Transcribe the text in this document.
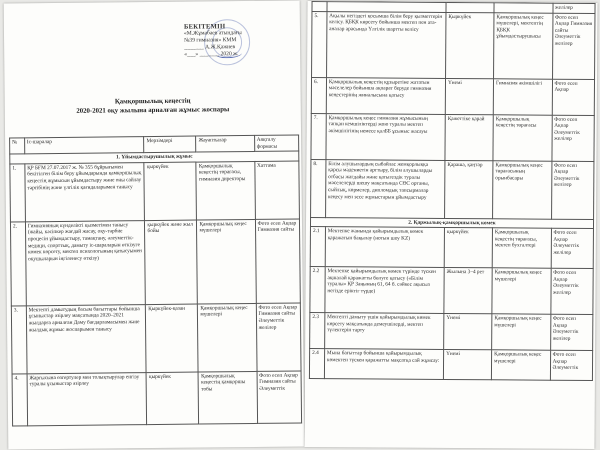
БЕКІТЕМІН
«М.Жұмабаев атындағы
№39 гимназия» КММ
_______ А.Ж.Қажиев
«___» _______ 2020 ж.
Қамқоршылық кеңестің
2020-2021 оқу жылына арналған жұмыс жоспары
№	Іс-шаралар	Мерзімдері	Жауаптылар	Аяқталу формасы
1. Ұйымдастырушылық жұмыс				
1.	ҚР БҒМ 27.07.2017 ж. № 355 бұйрығымен бекітілген білім беру ұйымдарында қамқоршылық кеңестің жұмысын ұйымдастыру және оны сайлау тәртібінің және үлгілік қағидаларымен танысу	қыркүйек	Қамқоршылық кеңестің төрағасы, гимназия директоры	Хаттама
2.	Гимназияның күнделікті қызметімен танысу (жайы, кәсіпкер жағдай жасау, оқу-тәрбие процесін ұйымдастыру, тамақтану, әлеуметтік-медици, спорттық, дамыту іс-шараларын өткізуге көмек көрсету, мектеп психологының қатысуымен оқушыларын іңгіленесу өткізу)	қыркүйек және жыл бойы	Қамқоршылық кеңес мүшелері	Фото есеп Ақпар Гимназия сайты
3.	Мектепті дамытудың басым бағыттары бойынша ұсыныстар әзірлеу мақсатында 2020–2021 жылдарға арналған Даму бағдарламасымен және жылдық жұмыс жоспарымен танысу	Қыркүйек-қазан	Қамқоршылық кеңес мүшелері	Фото есеп Ақпар Гимназия сайты Әлеуметтік желілер
4.	Жаргысына өзгертулер мен толықтырулар енгізу туралы ұсыныстар әзірлеу	қыркүйек	Қамқоршылық кеңестің қамқоршы тобы	Фото есеп Ақпар Гимназия сайты Әлеуметтік
				желілер
5.	Ақылы негіздегі қосымша білім беру қызметтерін келісу. ҚБҚК көрсету бойынша мектеп пен ата-аналар арасында Үлгілік шартты келісу	Қыркүйек	Қамқоршылық кеңес мүшелері, мектептің ҚБҚК ұйымдастырушысы	Фото есеп Ақпар Гимназия сайты Әлеуметтік желілер
6.	Қамқоршылық кеңестің құзыретіне жататын мәселелер бойынша ақпарат беруде гимназия кеңестерінің жиналысына қатысу	Үнемі	Гимназия әкімшілігі	Фото есеп Ақпар
7.	Қамқоршылық кеңес гимназия жұмысының тапқан кемшіліктерді жою туралы мектеп әкімшілігінің немесе қалББ ұсыныс жасауы	Қажеттіке қарай	Қамқоршылық кеңестің төрағасы	Фото есеп Ақпар Әлеуметтік желілер
8.	Білім алушылардың сыбайлас жемқорлыққа қарсы мәдениетін арттыру, білім алушыларды отбасы жағдайы және қатыгездік туралы мәселелерді шешу мақсатында СӨС ортаны, сыйлық, көрмелер, дипломдық тапсырмалар кеңесу мен эссе жұмыстарын ұйымдастыру	Қараша, қаңтар	Қамқоршылық кеңес төрағасының орынбасары	Фото есеп Ақпар Әлеуметтік желілер
2. Қаржылық-қамқоршылық көмек				
2.1	Мектепке жанында қайырымдылық көмек қаражатын бақылау (нотын шоу KZ)	қыркүйек	Қамқоршылық кеңестің төрағасы, мектеп бухгалтері	Фото есеп Ақпар Әлеуметтік желілер
2.2	Мектепке қайырымдылық көмек түрінде түскен ақшалай қаражатты бөлуге қатысу («Білім туралы» ҚР Заңының 61, 64 б. сәйкес ақысыз негізде еріктіг түрде)	Жылына 3–4 рет	Қамқоршылық кеңес мүшелері	Фото есеп Ақпар Әлеуметтік желілер
2.3	Мектепті дамыту үшін қайырымдылық көмек көрсету мақсатында демеушілерді, мектеп түлектерін тарту	Үнемі	Қамқоршылық кеңес мүшелері	Фото есеп Ақпар Әлеуметтік желілер
2.4	Мына бағыттар бойынша қайырымдылық көмектен түскен қаражатты мақсатқа сай жұмсау:	Үнемі	Қамқоршылық кеңес мүшелері	Фото есеп Ақпар Әлеуметтік
